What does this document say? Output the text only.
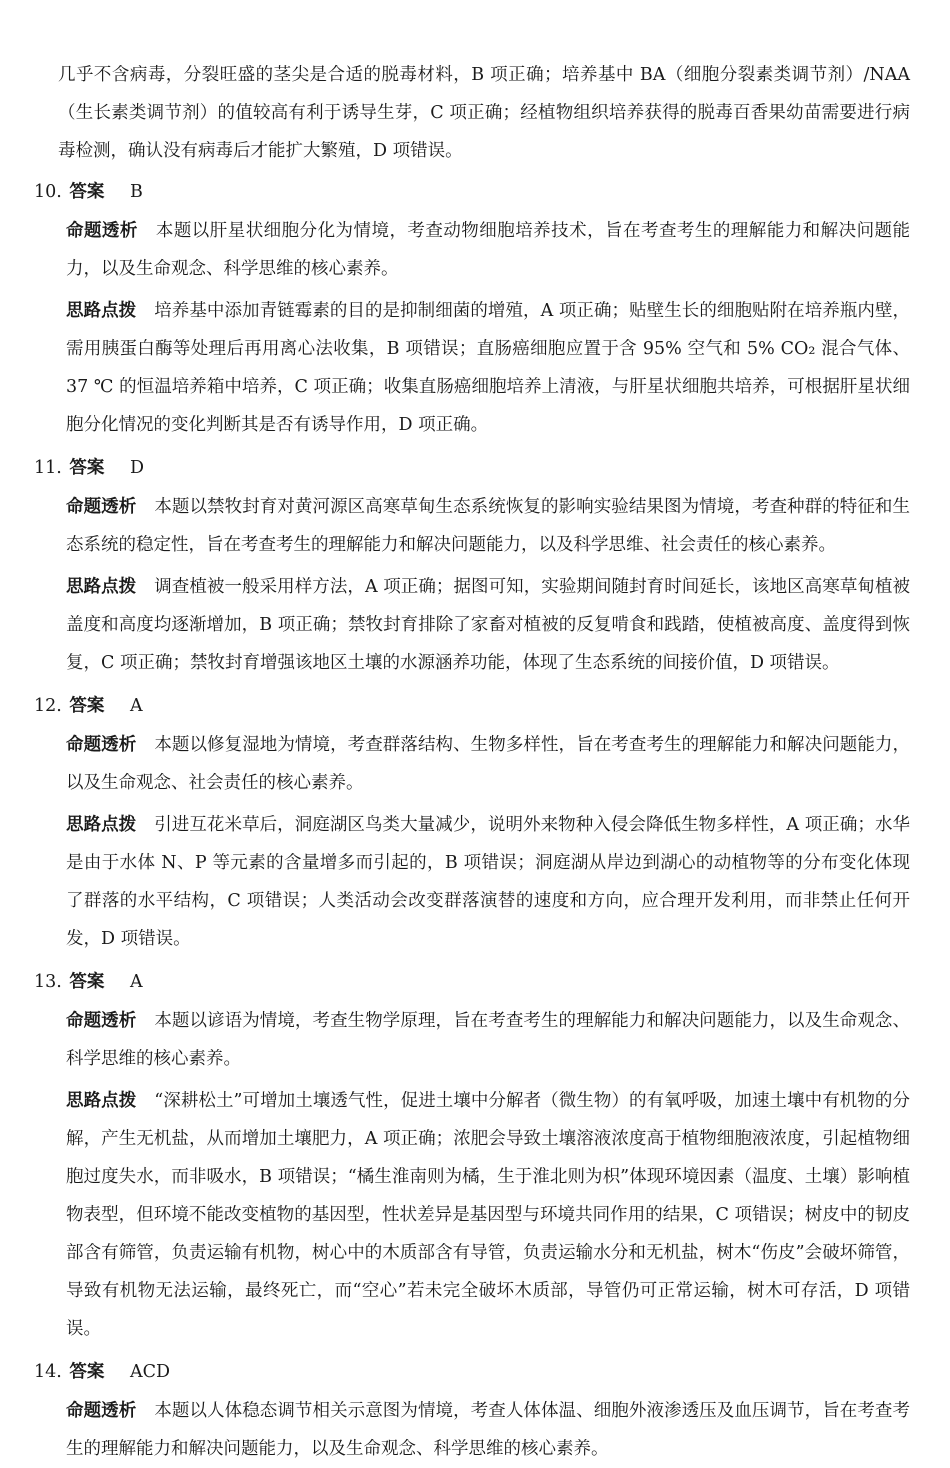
几乎不含病毒，分裂旺盛的茎尖是合适的脱毒材料，B 项正确；培养基中 BA（细胞分裂素类调节剂）/NAA（生长素类调节剂）的值较高有利于诱导生芽，C 项正确；经植物组织培养获得的脱毒百香果幼苗需要进行病毒检测，确认没有病毒后才能扩大繁殖，D 项错误。

10. 答案 B

命题透析 本题以肝星状细胞分化为情境，考查动物细胞培养技术，旨在考查考生的理解能力和解决问题能力，以及生命观念、科学思维的核心素养。

思路点拨 培养基中添加青链霉素的目的是抑制细菌的增殖，A 项正确；贴壁生长的细胞贴附在培养瓶内壁，需用胰蛋白酶等处理后再用离心法收集，B 项错误；直肠癌细胞应置于含 95% 空气和 5% CO₂ 混合气体、37 ℃ 的恒温培养箱中培养，C 项正确；收集直肠癌细胞培养上清液，与肝星状细胞共培养，可根据肝星状细胞分化情况的变化判断其是否有诱导作用，D 项正确。

11. 答案 D

命题透析 本题以禁牧封育对黄河源区高寒草甸生态系统恢复的影响实验结果图为情境，考查种群的特征和生态系统的稳定性，旨在考查考生的理解能力和解决问题能力，以及科学思维、社会责任的核心素养。

思路点拨 调查植被一般采用样方法，A 项正确；据图可知，实验期间随封育时间延长，该地区高寒草甸植被盖度和高度均逐渐增加，B 项正确；禁牧封育排除了家畜对植被的反复啃食和践踏，使植被高度、盖度得到恢复，C 项正确；禁牧封育增强该地区土壤的水源涵养功能，体现了生态系统的间接价值，D 项错误。

12. 答案 A

命题透析 本题以修复湿地为情境，考查群落结构、生物多样性，旨在考查考生的理解能力和解决问题能力，以及生命观念、社会责任的核心素养。

思路点拨 引进互花米草后，洞庭湖区鸟类大量减少，说明外来物种入侵会降低生物多样性，A 项正确；水华是由于水体 N、P 等元素的含量增多而引起的，B 项错误；洞庭湖从岸边到湖心的动植物等的分布变化体现了群落的水平结构，C 项错误；人类活动会改变群落演替的速度和方向，应合理开发利用，而非禁止任何开发，D 项错误。

13. 答案 A

命题透析 本题以谚语为情境，考查生物学原理，旨在考查考生的理解能力和解决问题能力，以及生命观念、科学思维的核心素养。

思路点拨 “深耕松土”可增加土壤透气性，促进土壤中分解者（微生物）的有氧呼吸，加速土壤中有机物的分解，产生无机盐，从而增加土壤肥力，A 项正确；浓肥会导致土壤溶液浓度高于植物细胞液浓度，引起植物细胞过度失水，而非吸水，B 项错误；“橘生淮南则为橘，生于淮北则为枳”体现环境因素（温度、土壤）影响植物表型，但环境不能改变植物的基因型，性状差异是基因型与环境共同作用的结果，C 项错误；树皮中的韧皮部含有筛管，负责运输有机物，树心中的木质部含有导管，负责运输水分和无机盐，树木“伤皮”会破坏筛管，导致有机物无法运输，最终死亡，而“空心”若未完全破坏木质部，导管仍可正常运输，树木可存活，D 项错误。

14. 答案 ACD

命题透析 本题以人体稳态调节相关示意图为情境，考查人体体温、细胞外液渗透压及血压调节，旨在考查考生的理解能力和解决问题能力，以及生命观念、科学思维的核心素养。
